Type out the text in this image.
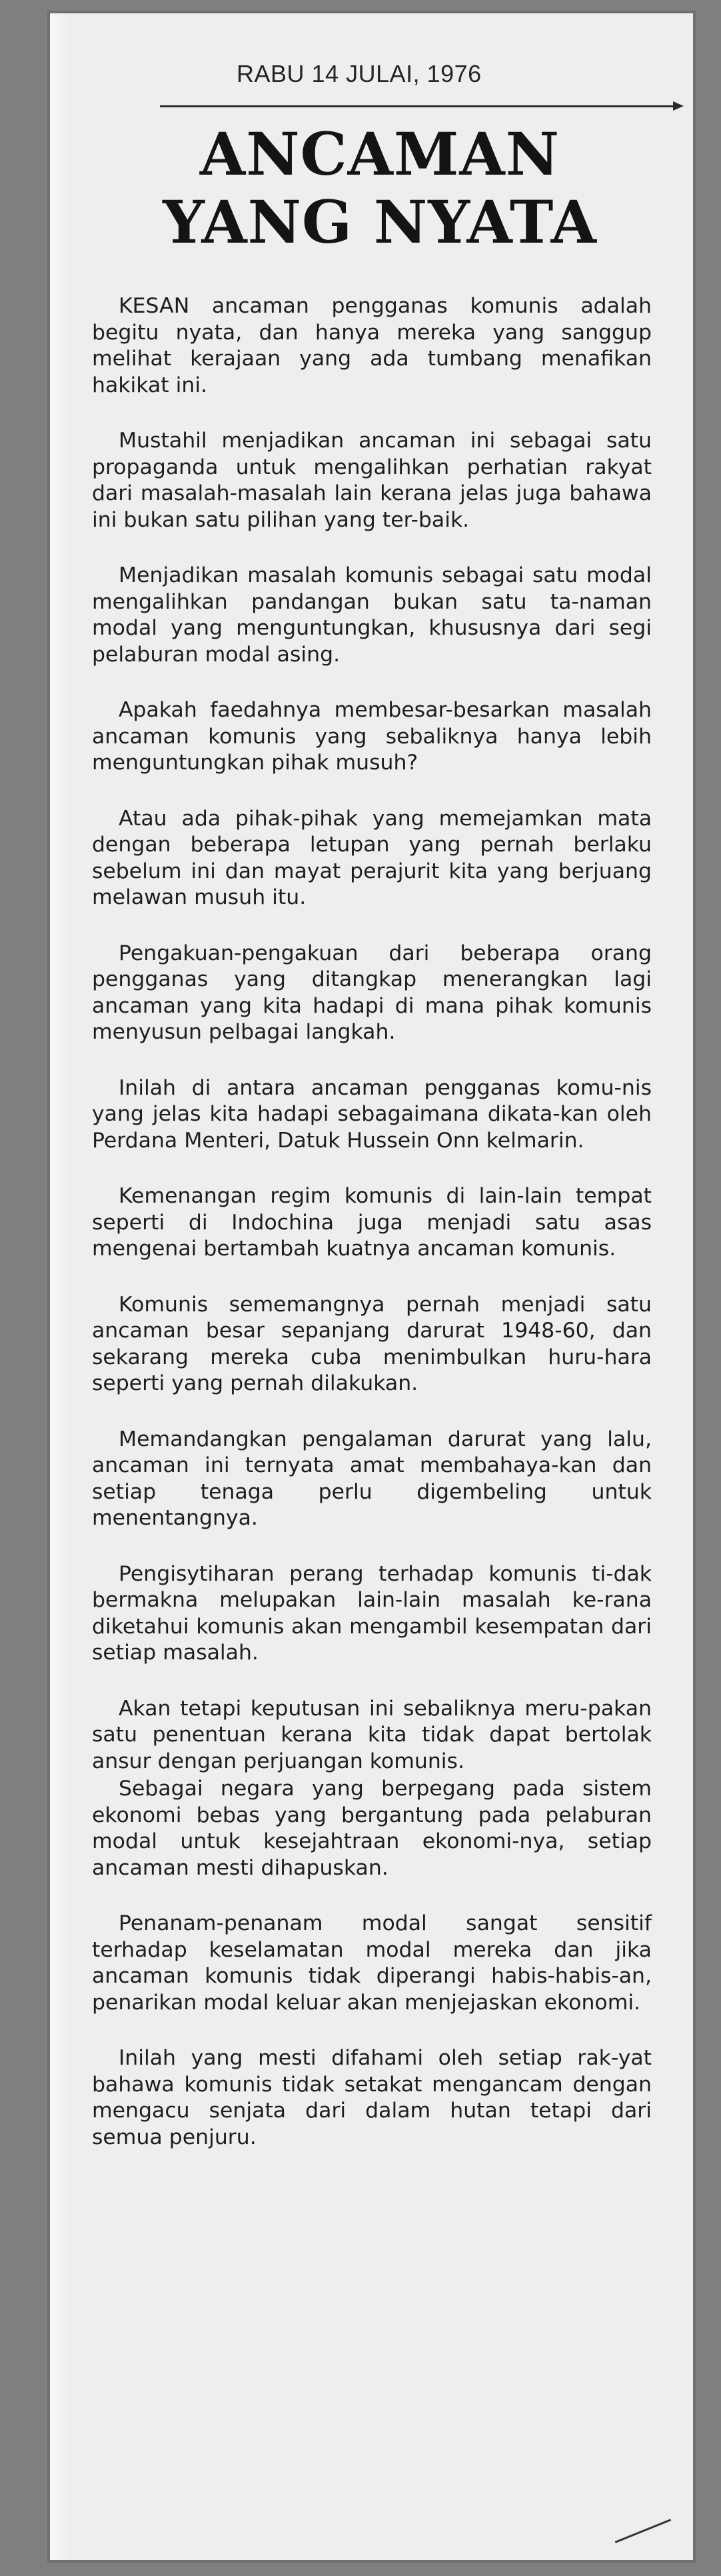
RABU 14 JULAI, 1976
ANCAMAN
YANG NYATA

KESAN ancaman pengganas komunis adalah begitu nyata, dan hanya mereka yang sanggup melihat kerajaan yang ada tumbang menafikan hakikat ini.

Mustahil menjadikan ancaman ini sebagai satu propaganda untuk mengalihkan perhatian rakyat dari masalah-masalah lain kerana jelas juga bahawa ini bukan satu pilihan yang ter-baik.

Menjadikan masalah komunis sebagai satu modal mengalihkan pandangan bukan satu ta-naman modal yang menguntungkan, khususnya dari segi pelaburan modal asing.

Apakah faedahnya membesar-besarkan masalah ancaman komunis yang sebaliknya hanya lebih menguntungkan pihak musuh?

Atau ada pihak-pihak yang memejamkan mata dengan beberapa letupan yang pernah berlaku sebelum ini dan mayat perajurit kita yang berjuang melawan musuh itu.

Pengakuan-pengakuan dari beberapa orang pengganas yang ditangkap menerangkan lagi ancaman yang kita hadapi di mana pihak komunis menyusun pelbagai langkah.

Inilah di antara ancaman pengganas komu-nis yang jelas kita hadapi sebagaimana dikata-kan oleh Perdana Menteri, Datuk Hussein Onn kelmarin.

Kemenangan regim komunis di lain-lain tempat seperti di Indochina juga menjadi satu asas mengenai bertambah kuatnya ancaman komunis.

Komunis sememangnya pernah menjadi satu ancaman besar sepanjang darurat 1948-60, dan sekarang mereka cuba menimbulkan huru-hara seperti yang pernah dilakukan.

Memandangkan pengalaman darurat yang lalu, ancaman ini ternyata amat membahaya-kan dan setiap tenaga perlu digembeling untuk menentangnya.

Pengisytiharan perang terhadap komunis ti-dak bermakna melupakan lain-lain masalah ke-rana diketahui komunis akan mengambil kesempatan dari setiap masalah.

Akan tetapi keputusan ini sebaliknya meru-pakan satu penentuan kerana kita tidak dapat bertolak ansur dengan perjuangan komunis.

Sebagai negara yang berpegang pada sistem ekonomi bebas yang bergantung pada pelaburan modal untuk kesejahtraan ekonomi-nya, setiap ancaman mesti dihapuskan.

Penanam-penanam modal sangat sensitif terhadap keselamatan modal mereka dan jika ancaman komunis tidak diperangi habis-habis-an, penarikan modal keluar akan menjejaskan ekonomi.

Inilah yang mesti difahami oleh setiap rak-yat bahawa komunis tidak setakat mengancam dengan mengacu senjata dari dalam hutan tetapi dari semua penjuru.
